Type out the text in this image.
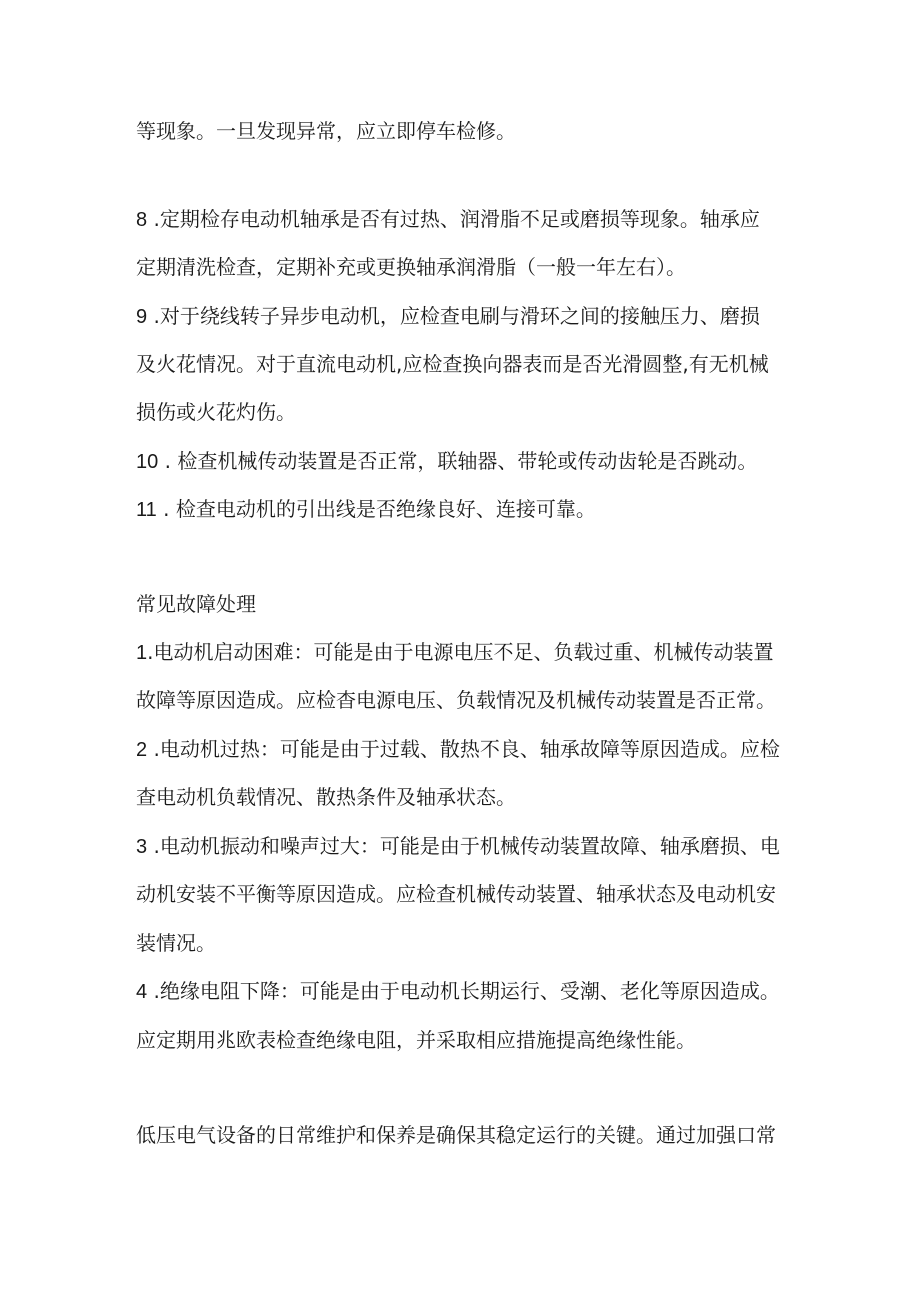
等现象。一旦发现异常，应立即停车检修。

8 .定期检存电动机轴承是否有过热、润滑脂不足或磨损等现象。轴承应

定期清洗检查，定期补充或更换轴承润滑脂（一般一年左右）。

9 .对于绕线转子异步电动机，应检查电刷与滑环之间的接触压力、磨损

及火花情况。对于直流电动机,应检查换向器表而是否光滑圆整,有无机械

损伤或火花灼伤。

10 . 检查机械传动装置是否正常，联轴器、带轮或传动齿轮是否跳动。

11 . 检查电动机的引出线是否绝缘良好、连接可靠。

常见故障处理

1.电动机启动困难：可能是由于电源电压不足、负载过重、机械传动装置

故障等原因造成。应检杳电源电压、负载情况及机械传动装置是否正常。

2 .电动机过热：可能是由于过载、散热不良、轴承故障等原因造成。应检

查电动机负载情况、散热条件及轴承状态。

3 .电动机振动和噪声过大：可能是由于机械传动装置故障、轴承磨损、电

动机安装不平衡等原因造成。应检查机械传动装置、轴承状态及电动机安

装情况。

4 .绝缘电阻下降：可能是由于电动机长期运行、受潮、老化等原因造成。

应定期用兆欧表检查绝缘电阻，并采取相应措施提高绝缘性能。

低压电气设备的日常维护和保养是确保其稳定运行的关键。通过加强口常
